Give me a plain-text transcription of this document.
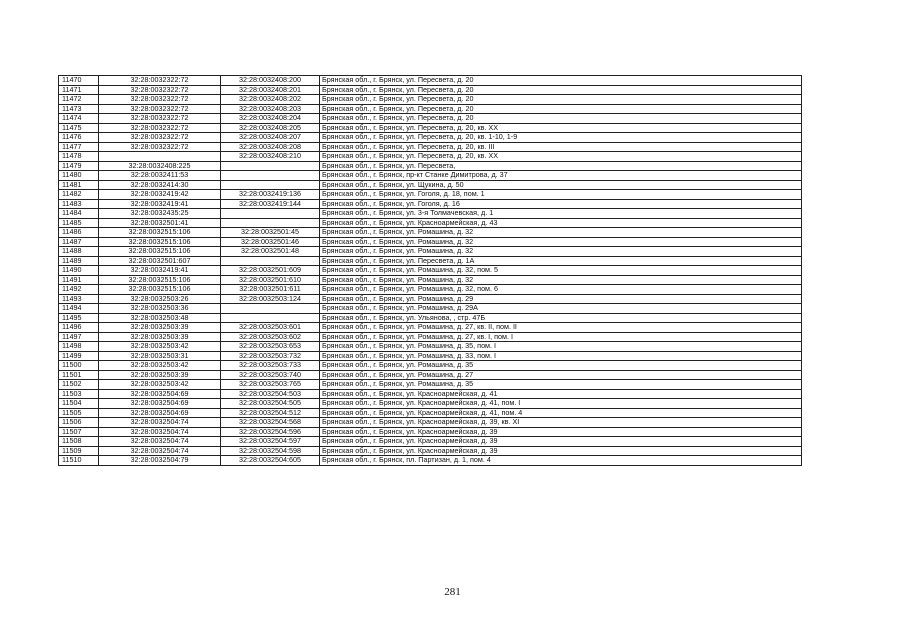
11470	32:28:0032322:72	32:28:0032408:200	Брянская обл., г. Брянск, ул. Пересвета, д. 20
11471	32:28:0032322:72	32:28:0032408:201	Брянская обл., г. Брянск, ул. Пересвета, д. 20
11472	32:28:0032322:72	32:28:0032408:202	Брянская обл., г. Брянск, ул. Пересвета, д. 20
11473	32:28:0032322:72	32:28:0032408:203	Брянская обл., г. Брянск, ул. Пересвета, д. 20
11474	32:28:0032322:72	32:28:0032408:204	Брянская обл., г. Брянск, ул. Пересвета, д. 20
11475	32:28:0032322:72	32:28:0032408:205	Брянская обл., г. Брянск, ул. Пересвета, д. 20, кв. XX
11476	32:28:0032322:72	32:28:0032408:207	Брянская обл., г. Брянск, ул. Пересвета, д. 20, кв. 1-10, 1-9
11477	32:28:0032322:72	32:28:0032408:208	Брянская обл., г. Брянск, ул. Пересвета, д. 20, кв. III
11478		32:28:0032408:210	Брянская обл., г. Брянск, ул. Пересвета, д. 20, кв. XX
11479	32:28:0032408:225		Брянская обл., г. Брянск, ул. Пересвета,
11480	32:28:0032411:53		Брянская обл., г. Брянск, пр-кт Станке Димитрова, д. 37
11481	32:28:0032414:30		Брянская обл., г. Брянск, ул. Щукина, д. 50
11482	32:28:0032419:42	32:28:0032419:136	Брянская обл., г. Брянск, ул. Гоголя, д. 18, пом. 1
11483	32:28:0032419:41	32:28:0032419:144	Брянская обл., г. Брянск, ул. Гоголя, д. 16
11484	32:28:0032435:25		Брянская обл., г. Брянск, ул. 3-я Толмачевская, д. 1
11485	32:28:0032501:41		Брянская обл., г. Брянск, ул. Красноармейская, д. 43
11486	32:28:0032515:106	32:28:0032501:45	Брянская обл., г. Брянск, ул. Ромашина, д. 32
11487	32:28:0032515:106	32:28:0032501:46	Брянская обл., г. Брянск, ул. Ромашина, д. 32
11488	32:28:0032515:106	32:28:0032501:48	Брянская обл., г. Брянск, ул. Ромашина, д. 32
11489	32:28:0032501:607		Брянская обл., г. Брянск, ул. Пересвета, д. 1А
11490	32:28:0032419:41	32:28:0032501:609	Брянская обл., г. Брянск, ул. Ромашина, д. 32, пом. 5
11491	32:28:0032515:106	32:28:0032501:610	Брянская обл., г. Брянск, ул. Ромашина, д. 32
11492	32:28:0032515:106	32:28:0032501:611	Брянская обл., г. Брянск, ул. Ромашина, д. 32, пом. 6
11493	32:28:0032503:26	32:28:0032503:124	Брянская обл., г. Брянск, ул. Ромашина, д. 29
11494	32:28:0032503:36		Брянская обл., г. Брянск, ул. Ромашина, д. 29А
11495	32:28:0032503:48		Брянская обл., г. Брянск, ул. Ульянова, , стр. 47Б
11496	32:28:0032503:39	32:28:0032503:601	Брянская обл., г. Брянск, ул. Ромашина, д. 27, кв. II, пом. II
11497	32:28:0032503:39	32:28:0032503:602	Брянская обл., г. Брянск, ул. Ромашина, д. 27, кв. I, пом. I
11498	32:28:0032503:42	32:28:0032503:653	Брянская обл., г. Брянск, ул. Ромашина, д. 35, пом. I
11499	32:28:0032503:31	32:28:0032503:732	Брянская обл., г. Брянск, ул. Ромашина, д. 33, пом. I
11500	32:28:0032503:42	32:28:0032503:733	Брянская обл., г. Брянск, ул. Ромашина, д. 35
11501	32:28:0032503:39	32:28:0032503:740	Брянская обл., г. Брянск, ул. Ромашина, д. 27
11502	32:28:0032503:42	32:28:0032503:765	Брянская обл., г. Брянск, ул. Ромашина, д. 35
11503	32:28:0032504:69	32:28:0032504:503	Брянская обл., г. Брянск, ул. Красноармейская, д. 41
11504	32:28:0032504:69	32:28:0032504:505	Брянская обл., г. Брянск, ул. Красноармейская, д. 41, пом. I
11505	32:28:0032504:69	32:28:0032504:512	Брянская обл., г. Брянск, ул. Красноармейская, д. 41, пом. 4
11506	32:28:0032504:74	32:28:0032504:568	Брянская обл., г. Брянск, ул. Красноармейская, д. 39, кв. XI
11507	32:28:0032504:74	32:28:0032504:596	Брянская обл., г. Брянск, ул. Красноармейская, д. 39
11508	32:28:0032504:74	32:28:0032504:597	Брянская обл., г. Брянск, ул. Красноармейская, д. 39
11509	32:28:0032504:74	32:28:0032504:598	Брянская обл., г. Брянск, ул. Красноармейская, д. 39
11510	32:28:0032504:79	32:28:0032504:605	Брянская обл., г. Брянск, пл. Партизан, д. 1, пом. 4
281
